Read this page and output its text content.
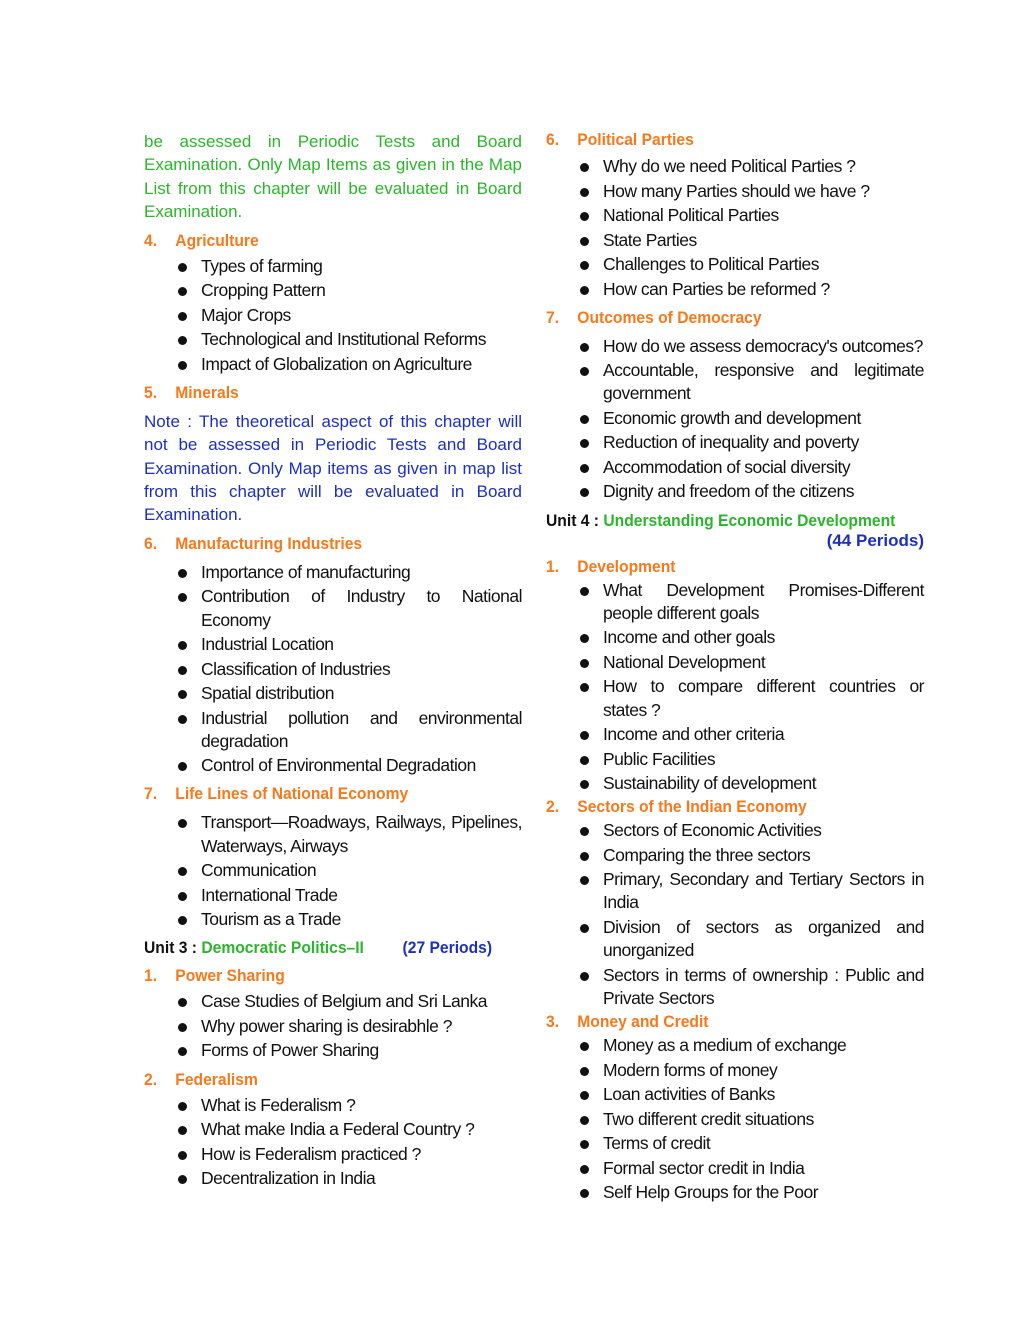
be assessed in Periodic Tests and Board Examination. Only Map Items as given in the Map List from this chapter will be evaluated in Board Examination.

4.	Agriculture
Types of farming
Cropping Pattern
Major Crops
Technological and Institutional Reforms
Impact of Globalization on Agriculture
5.	Minerals

Note : The theoretical aspect of this chapter will not be assessed in Periodic Tests and Board Examination. Only Map items as given in map list from this chapter will be evaluated in Board Examination.

6.	Manufacturing Industries
Importance of manufacturing
Contribution of Industry to National Economy
Industrial Location
Classification of Industries
Spatial distribution
Industrial pollution and environmental degradation
Control of Environmental Degradation
7.	Life Lines of National Economy
Transport—Roadways, Railways, Pipelines, Waterways, Airways
Communication
International Trade
Tourism as a Trade
Unit 3 : Democratic Politics–II (27 Periods)
1.	Power Sharing
Case Studies of Belgium and Sri Lanka
Why power sharing is desirabhle ?
Forms of Power Sharing
2.	Federalism
What is Federalism ?
What make India a Federal Country ?
How is Federalism practiced ?
Decentralization in India
6.	Political Parties
Why do we need Political Parties ?
How many Parties should we have ?
National Political Parties
State Parties
Challenges to Political Parties
How can Parties be reformed ?
7.	Outcomes of Democracy
How do we assess democracy's outcomes?
Accountable, responsive and legitimate government
Economic growth and development
Reduction of inequality and poverty
Accommodation of social diversity
Dignity and freedom of the citizens
Unit 4 : Understanding Economic Development

(44 Periods)

1.	Development
What Development Promises-Different people different goals
Income and other goals
National Development
How to compare different countries or states ?
Income and other criteria
Public Facilities
Sustainability of development
2.	Sectors of the Indian Economy
Sectors of Economic Activities
Comparing the three sectors
Primary, Secondary and Tertiary Sectors in India
Division of sectors as organized and unorganized
Sectors in terms of ownership : Public and Private Sectors
3.	Money and Credit
Money as a medium of exchange
Modern forms of money
Loan activities of Banks
Two different credit situations
Terms of credit
Formal sector credit in India
Self Help Groups for the Poor
